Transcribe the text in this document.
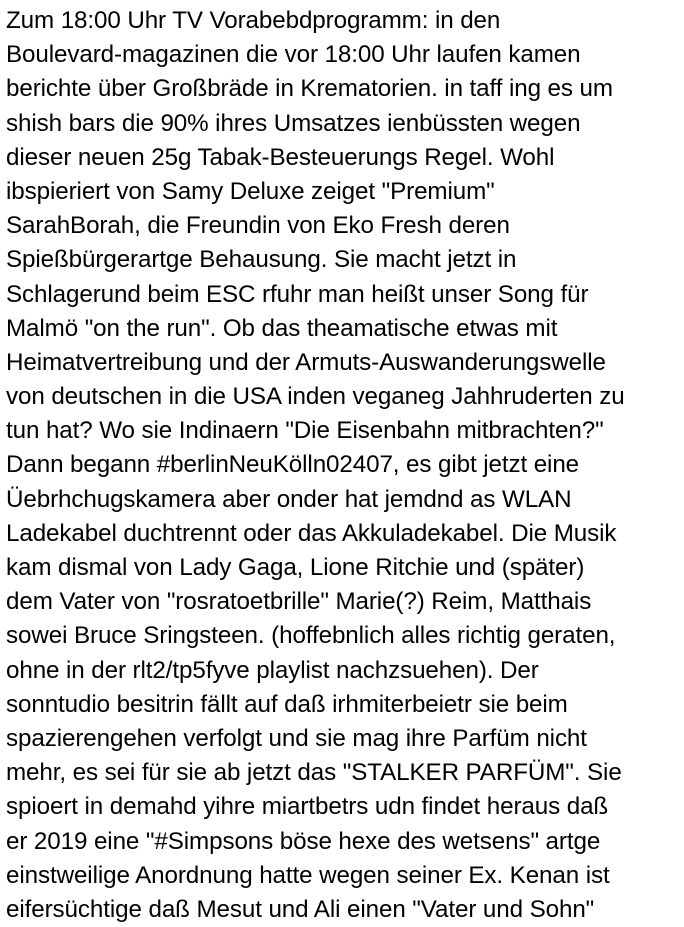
Zum 18:00 Uhr TV Vorabebdprogramm: in den
Boulevard-magazinen die vor 18:00 Uhr laufen kamen
berichte über Großbräde in Krematorien. in taff ing es um
shish bars die 90% ihres Umsatzes ienbüssten wegen
dieser neuen 25g Tabak-Besteuerungs Regel. Wohl
ibspieriert von Samy Deluxe zeiget "Premium"
SarahBorah, die Freundin von Eko Fresh deren
Spießbürgerartge Behausung. Sie macht jetzt in
Schlagerund beim ESC rfuhr man heißt unser Song für
Malmö "on the run". Ob das theamatische etwas mit
Heimatvertreibung und der Armuts-Auswanderungswelle
von deutschen in die USA inden veganeg Jahhruderten zu
tun hat? Wo sie Indinaern "Die Eisenbahn mitbrachten?"
Dann begann #berlinNeuKölln02407, es gibt jetzt eine
Üebrhchugskamera aber onder hat jemdnd as WLAN
Ladekabel duchtrennt oder das Akkuladekabel. Die Musik
kam dismal von Lady Gaga, Lione Ritchie und (später)
dem Vater von "rosratoetbrille" Marie(?) Reim, Matthais
sowei Bruce Sringsteen. (hoffebnlich alles richtig geraten,
ohne in der rlt2/tp5fyve playlist nachzsuehen). Der
sonntudio besitrin fällt auf daß irhmiterbeietr sie beim
spazierengehen verfolgt und sie mag ihre Parfüm nicht
mehr, es sei für sie ab jetzt das "STALKER PARFÜM". Sie
spioert in demahd yihre miartbetrs udn findet heraus daß
er 2019 eine "#Simpsons böse hexe des wetsens" artge
einstweilige Anordnung hatte wegen seiner Ex. Kenan ist
eifersüchtige daß Mesut und Ali einen "Vater und Sohn"
